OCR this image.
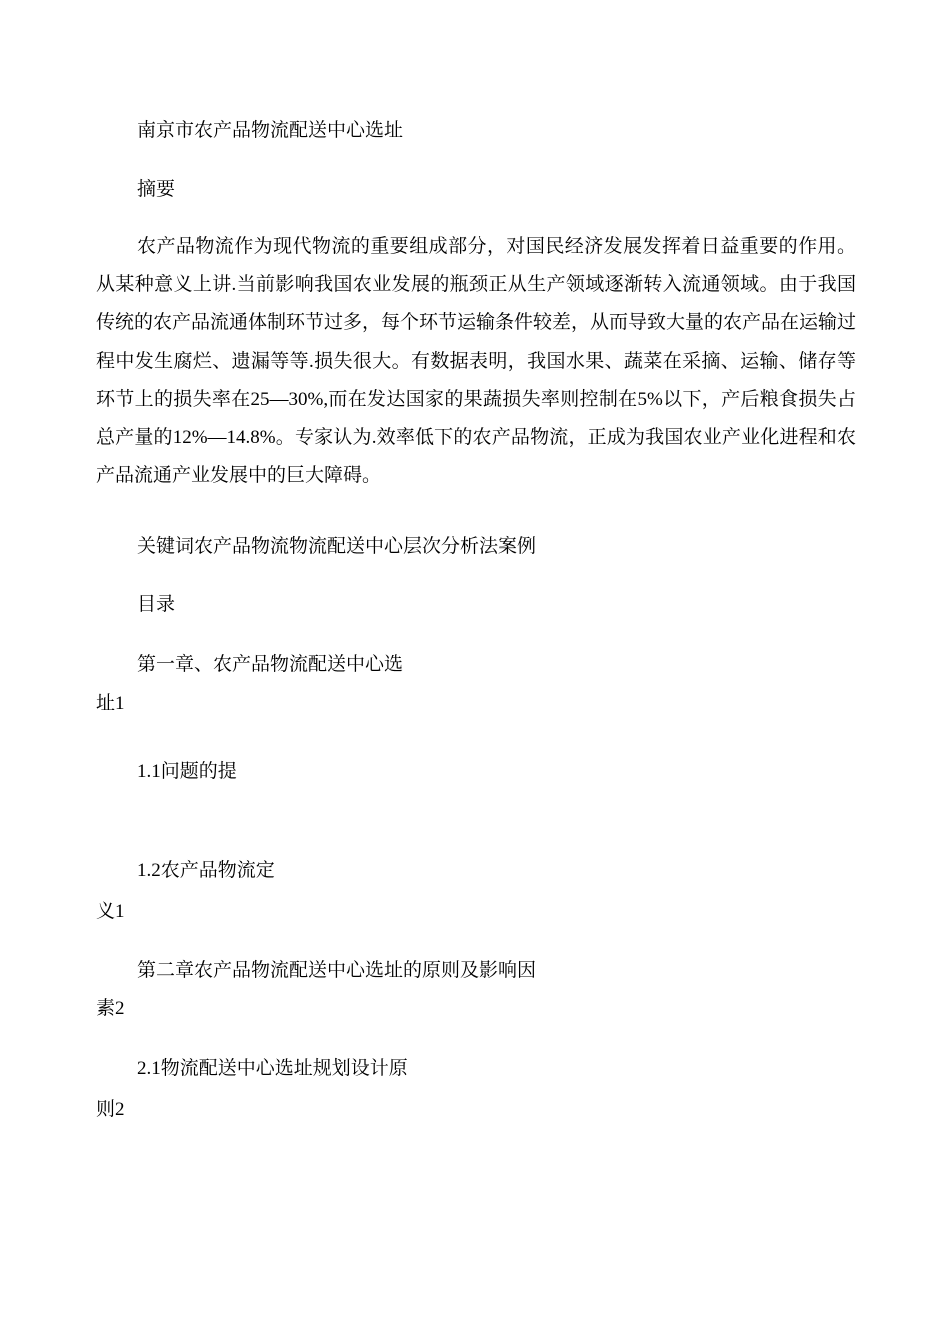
南京市农产品物流配送中心选址
摘要
农产品物流作为现代物流的重要组成部分，对国民经济发展发挥着日益重要的作用。从某种意义上讲.当前影响我国农业发展的瓶颈正从生产领域逐渐转入流通领域。由于我国传统的农产品流通体制环节过多，每个环节运输条件较差，从而导致大量的农产品在运输过程中发生腐烂、遗漏等等.损失很大。有数据表明，我国水果、蔬菜在采摘、运输、储存等环节上的损失率在25—30%,而在发达国家的果蔬损失率则控制在5%以下，产后粮食损失占总产量的12%—14.8%。专家认为.效率低下的农产品物流，正成为我国农业产业化进程和农产品流通产业发展中的巨大障碍。
关键词农产品物流物流配送中心层次分析法案例
目录
第一章、农产品物流配送中心选
址1
1.1问题的提
1.2农产品物流定
义1
第二章农产品物流配送中心选址的原则及影响因
素2
2.1物流配送中心选址规划设计原
则2
